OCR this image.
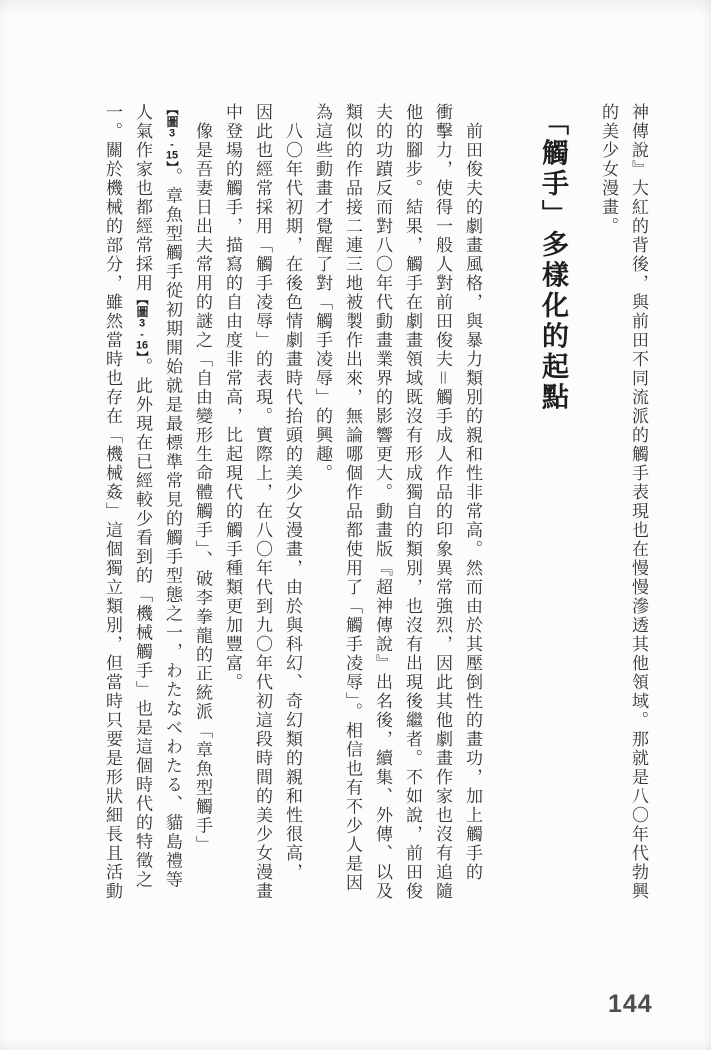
神傳說』大紅的背後，與前田不同流派的觸手表現也在慢慢滲透其他領域。那就是八〇年代勃興
的美少女漫畫。
「觸手」多樣化的起點
前田俊夫的劇畫風格，與暴力類別的親和性非常高。然而由於其壓倒性的畫功，加上觸手的
衝擊力，使得一般人對前田俊夫＝觸手成人作品的印象異常強烈，因此其他劇畫作家也沒有追隨
他的腳步。結果，觸手在劇畫領域既沒有形成獨自的類別，也沒有出現後繼者。不如說，前田俊
夫的功蹟反而對八〇年代動畫業界的影響更大。動畫版『超神傳說』出名後，續集、外傳、以及
類似的作品接二連三地被製作出來，無論哪個作品都使用了「觸手凌辱」。相信也有不少人是因
為這些動畫才覺醒了對「觸手凌辱」的興趣。
八〇年代初期，在後色情劇畫時代抬頭的美少女漫畫，由於與科幻、奇幻類的親和性很高，
因此也經常採用「觸手凌辱」的表現。實際上，在八〇年代到九〇年代初這段時間的美少女漫畫
中登場的觸手，描寫的自由度非常高，比起現代的觸手種類更加豐富。
像是吾妻日出夫常用的謎之「自由變形生命體觸手」、破李拳龍的正統派「章魚型觸手」
【圖3-15】。章魚型觸手從初期開始就是最標準常見的觸手型態之一，わたなべわたる、貓島禮等
人氣作家也都經常採用【圖3-16】。此外現在已經較少看到的「機械觸手」也是這個時代的特徵之
一。關於機械的部分，雖然當時也存在「機械姦」這個獨立類別，但當時只要是形狀細長且活動
144
